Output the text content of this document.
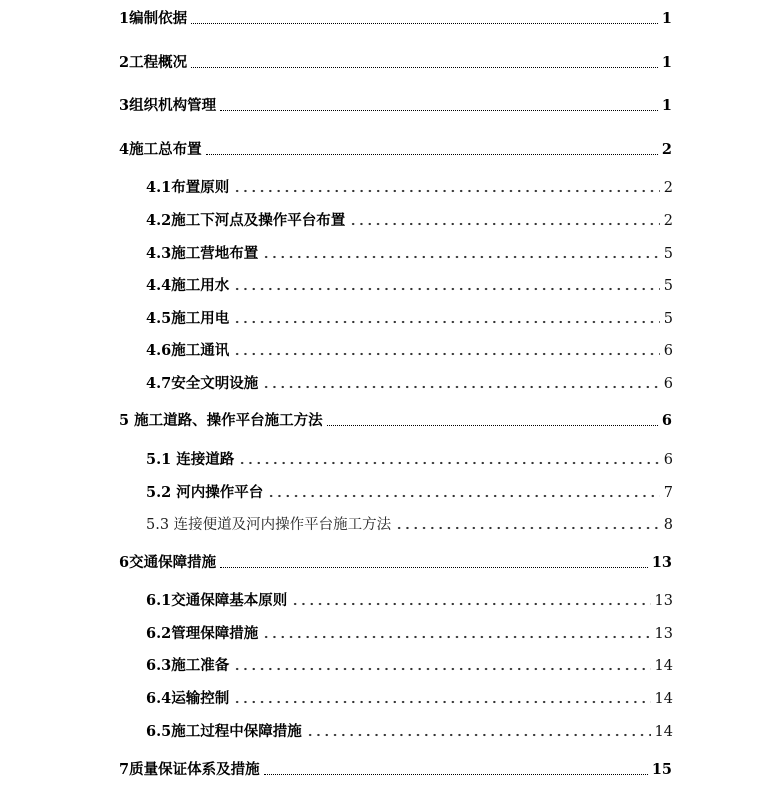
1编制依据	1
2工程概况	1
3组织机构管理	1
4施工总布置	2
4.1布置原则	2
4.2施工下河点及操作平台布置	2
4.3施工营地布置	5
4.4施工用水	5
4.5施工用电	5
4.6施工通讯	6
4.7安全文明设施	6
5 施工道路、操作平台施工方法	6
5.1 连接道路	6
5.2 河内操作平台	7
5.3 连接便道及河内操作平台施工方法	8
6交通保障措施	13
6.1交通保障基本原则	13
6.2管理保障措施	13
6.3施工准备	14
6.4运输控制	14
6.5施工过程中保障措施	14
7质量保证体系及措施	15
